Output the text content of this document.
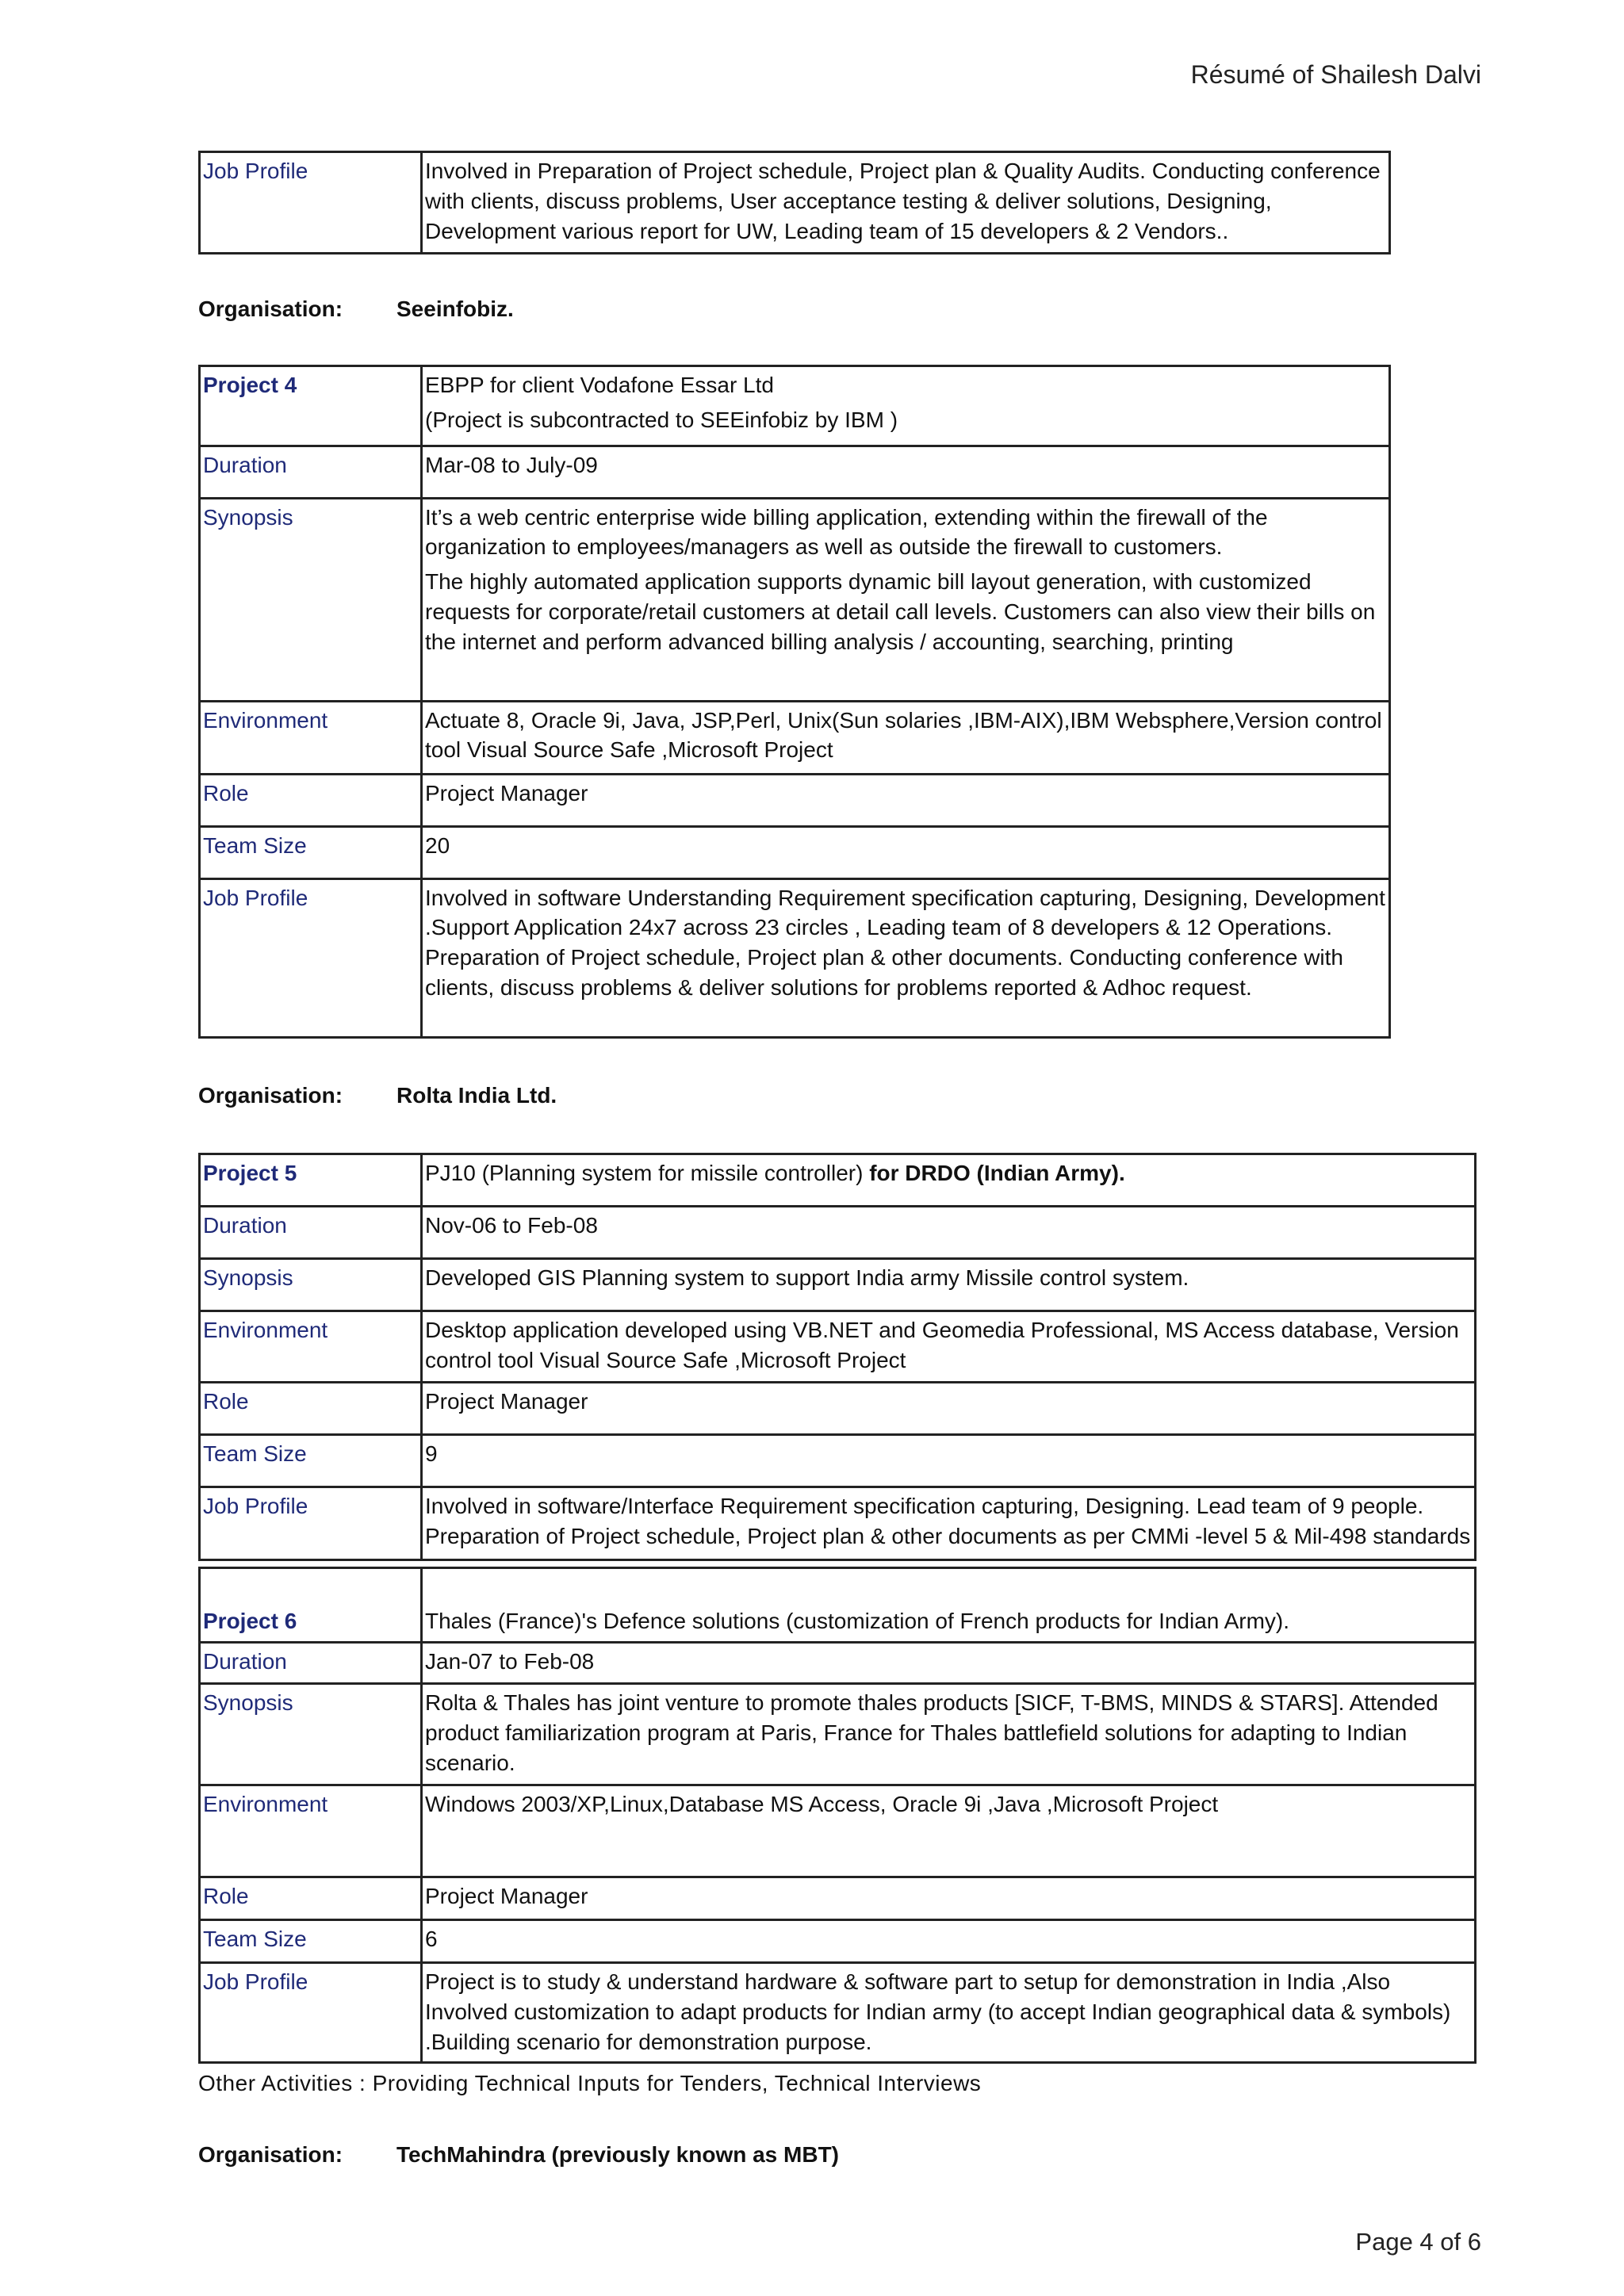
Résumé of Shailesh Dalvi
Job Profile	Involved in Preparation of Project schedule, Project plan & Quality Audits. Conducting conference with clients, discuss problems, User acceptance testing & deliver solutions, Designing, Development various report for UW, Leading team of 15 developers & 2 Vendors..
Organisation: Seeinfobiz.
Project 4	EBPP for client Vodafone Essar Ltd

(Project is subcontracted to SEEinfobiz by IBM )

Duration	Mar-08 to July-09
Synopsis	It’s a web centric enterprise wide billing application, extending within the firewall of the organization to employees/managers as well as outside the firewall to customers.

The highly automated application supports dynamic bill layout generation, with customized requests for corporate/retail customers at detail call levels. Customers can also view their bills on the internet and perform advanced billing analysis / accounting, searching, printing

Environment	Actuate 8, Oracle 9i, Java, JSP,Perl, Unix(Sun solaries ,IBM-AIX),IBM Websphere,Version control tool Visual Source Safe ,Microsoft Project
Role	Project Manager
Team Size	20
Job Profile	Involved in software Understanding Requirement specification capturing, Designing, Development .Support Application 24x7 across 23 circles , Leading team of 8 developers & 12 Operations. Preparation of Project schedule, Project plan & other documents. Conducting conference with clients, discuss problems & deliver solutions for problems reported & Adhoc request.
Organisation: Rolta India Ltd.
Project 5	PJ10 (Planning system for missile controller) for DRDO (Indian Army).
Duration	Nov-06 to Feb-08
Synopsis	Developed GIS Planning system to support India army Missile control system.
Environment	Desktop application developed using VB.NET and Geomedia Professional, MS Access database, Version control tool Visual Source Safe ,Microsoft Project
Role	Project Manager
Team Size	9
Job Profile	Involved in software/Interface Requirement specification capturing, Designing. Lead team of 9 people. Preparation of Project schedule, Project plan & other documents as per CMMi -level 5 & Mil-498 standards
Project 6	Thales (France)'s Defence solutions (customization of French products for Indian Army).
Duration	Jan-07 to Feb-08
Synopsis	Rolta & Thales has joint venture to promote thales products [SICF, T-BMS, MINDS & STARS]. Attended product familiarization program at Paris, France for Thales battlefield solutions for adapting to Indian scenario.
Environment	Windows 2003/XP,Linux,Database MS Access, Oracle 9i ,Java ,Microsoft Project
Role	Project Manager
Team Size	6
Job Profile	Project is to study & understand hardware & software part to setup for demonstration in India ,Also Involved customization to adapt products for Indian army (to accept Indian geographical data & symbols) .Building scenario for demonstration purpose.
Other Activities : Providing Technical Inputs for Tenders, Technical Interviews
Organisation: TechMahindra (previously known as MBT)
Page 4 of 6
